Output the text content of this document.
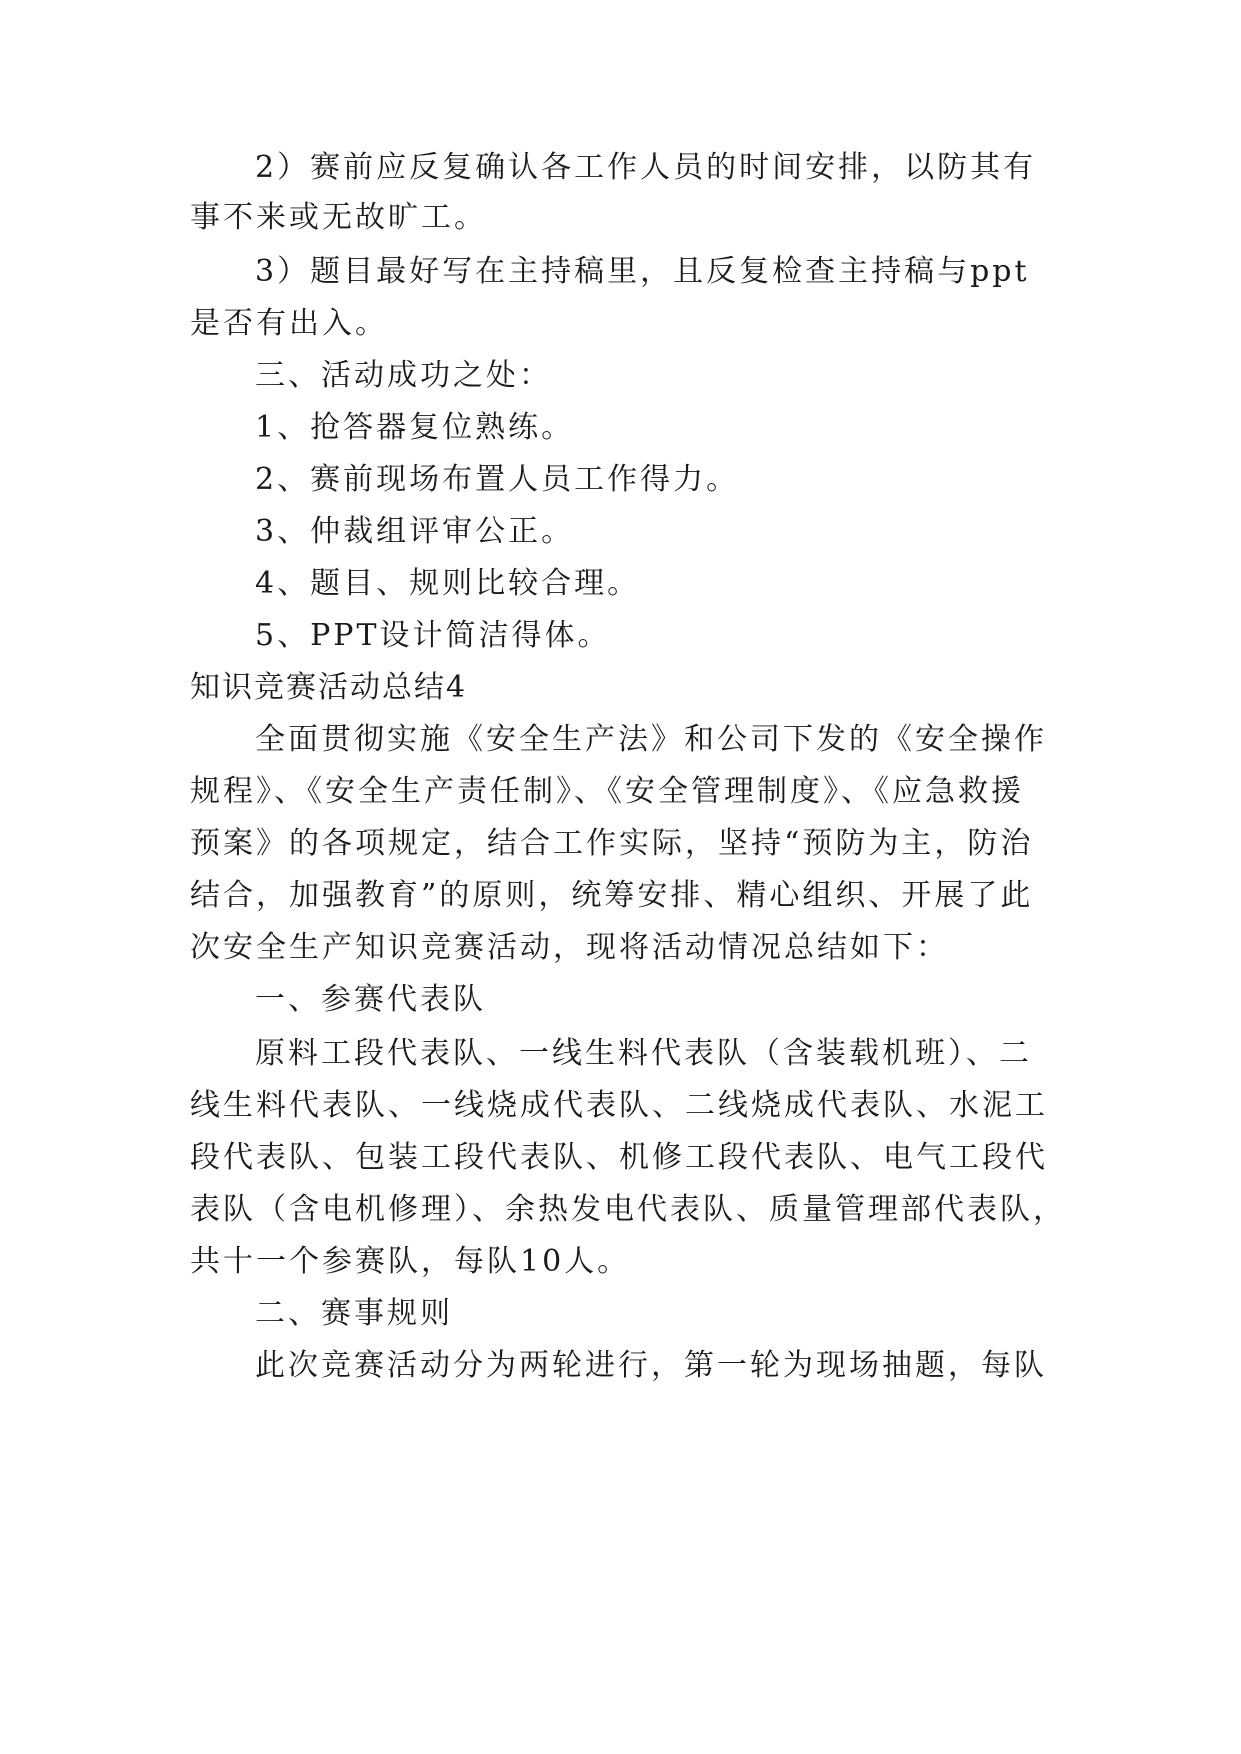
2）赛前应反复确认各工作人员的时间安排，以防其有
事不来或无故旷工。
3）题目最好写在主持稿里，且反复检查主持稿与ppt
是否有出入。
三、活动成功之处：
1、抢答器复位熟练。
2、赛前现场布置人员工作得力。
3、仲裁组评审公正。
4、题目、规则比较合理。
5、PPT设计简洁得体。
知识竞赛活动总结4
全面贯彻实施《安全生产法》和公司下发的《安全操作
规程》、《安全生产责任制》、《安全管理制度》、《应急救援
预案》的各项规定，结合工作实际，坚持“预防为主，防治
结合，加强教育”的原则，统筹安排、精心组织、开展了此
次安全生产知识竞赛活动，现将活动情况总结如下：
一、参赛代表队
原料工段代表队、一线生料代表队（含装载机班）、二
线生料代表队、一线烧成代表队、二线烧成代表队、水泥工
段代表队、包装工段代表队、机修工段代表队、电气工段代
表队（含电机修理）、余热发电代表队、质量管理部代表队，
共十一个参赛队，每队10人。
二、赛事规则
此次竞赛活动分为两轮进行，第一轮为现场抽题，每队
